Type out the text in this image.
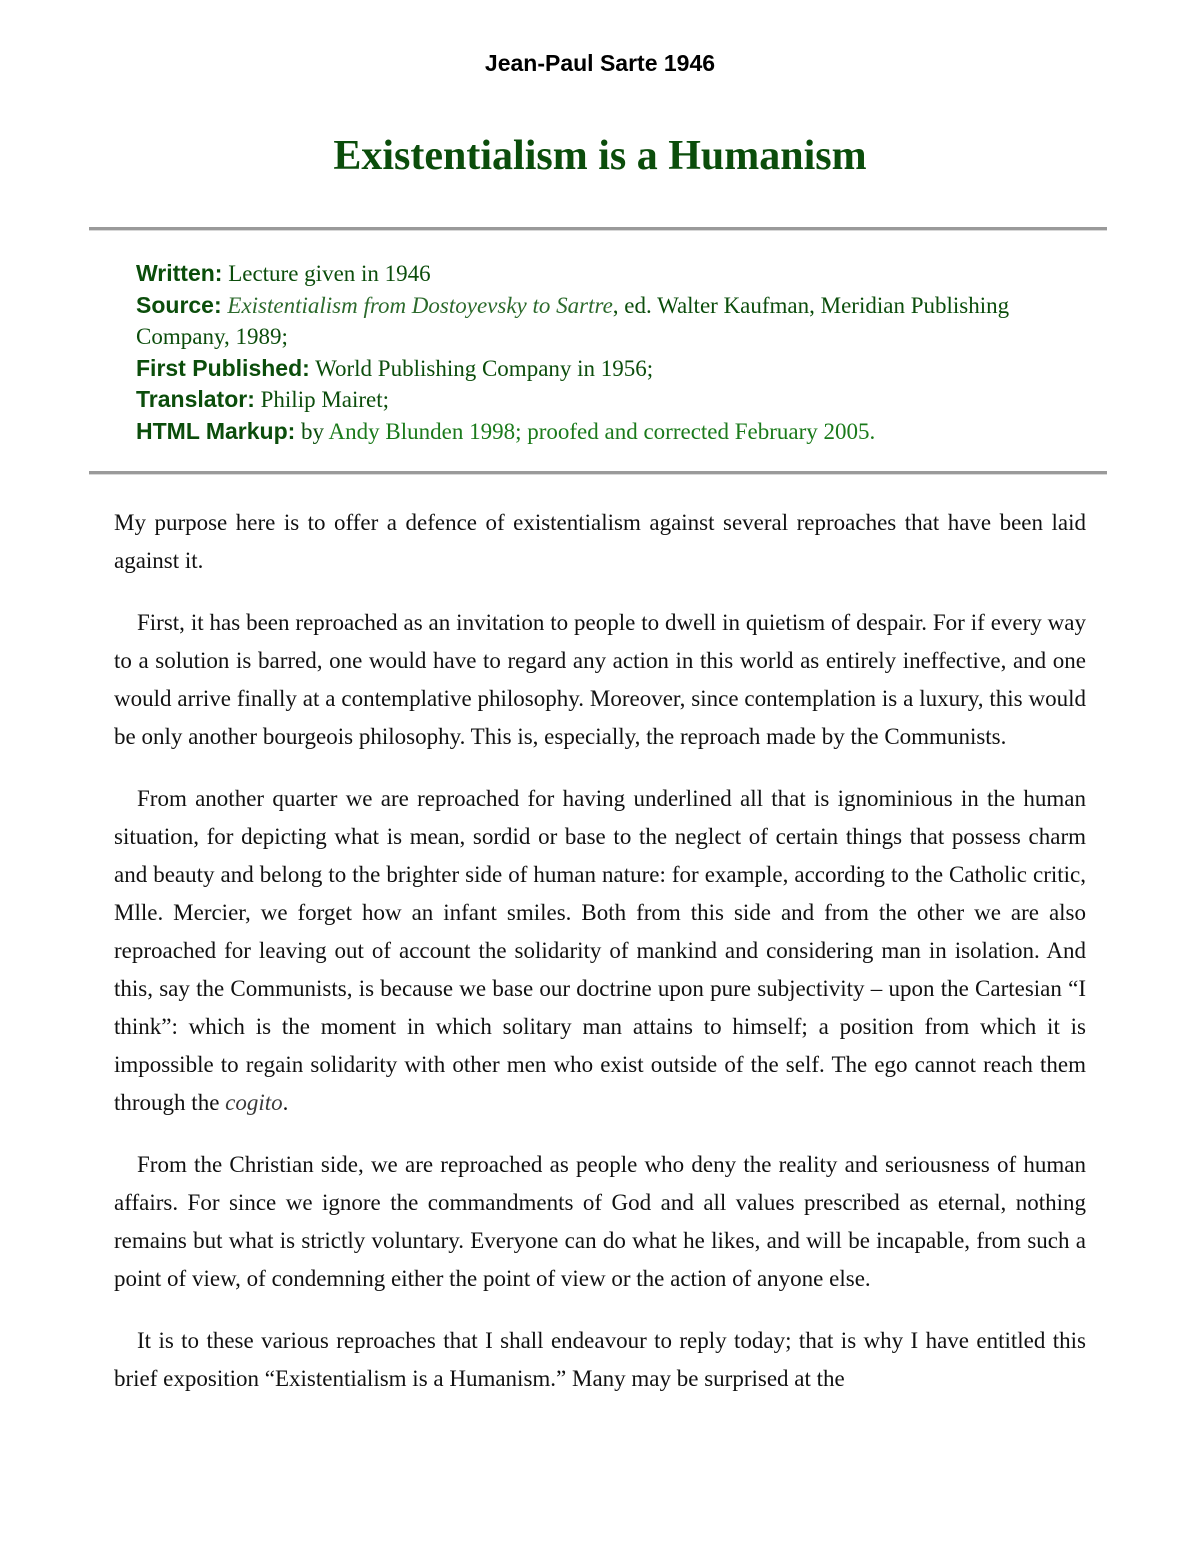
Jean-Paul Sarte 1946
Existentialism is a Humanism
Written: Lecture given in 1946
Source: Existentialism from Dostoyevsky to Sartre, ed. Walter Kaufman, Meridian Publishing Company, 1989;
First Published: World Publishing Company in 1956;
Translator: Philip Mairet;
HTML Markup: by Andy Blunden 1998; proofed and corrected February 2005.

My purpose here is to offer a defence of existentialism against several reproaches that have been laid against it.

First, it has been reproached as an invitation to people to dwell in quietism of despair. For if every way to a solution is barred, one would have to regard any action in this world as entirely ineffective, and one would arrive finally at a contemplative philosophy. Moreover, since contemplation is a luxury, this would be only another bourgeois philosophy. This is, especially, the reproach made by the Communists.

From another quarter we are reproached for having underlined all that is ignominious in the human situation, for depicting what is mean, sordid or base to the neglect of certain things that possess charm and beauty and belong to the brighter side of human nature: for example, according to the Catholic critic, Mlle. Mercier, we forget how an infant smiles. Both from this side and from the other we are also reproached for leaving out of account the solidarity of mankind and considering man in isolation. And this, say the Communists, is because we base our doctrine upon pure subjectivity – upon the Cartesian “I think”: which is the moment in which solitary man attains to himself; a position from which it is impossible to regain solidarity with other men who exist outside of the self. The ego cannot reach them through the cogito.

From the Christian side, we are reproached as people who deny the reality and seriousness of human affairs. For since we ignore the commandments of God and all values prescribed as eternal, nothing remains but what is strictly voluntary. Everyone can do what he likes, and will be incapable, from such a point of view, of condemning either the point of view or the action of anyone else.

It is to these various reproaches that I shall endeavour to reply today; that is why I have entitled this brief exposition “Existentialism is a Humanism.” Many may be surprised at the
